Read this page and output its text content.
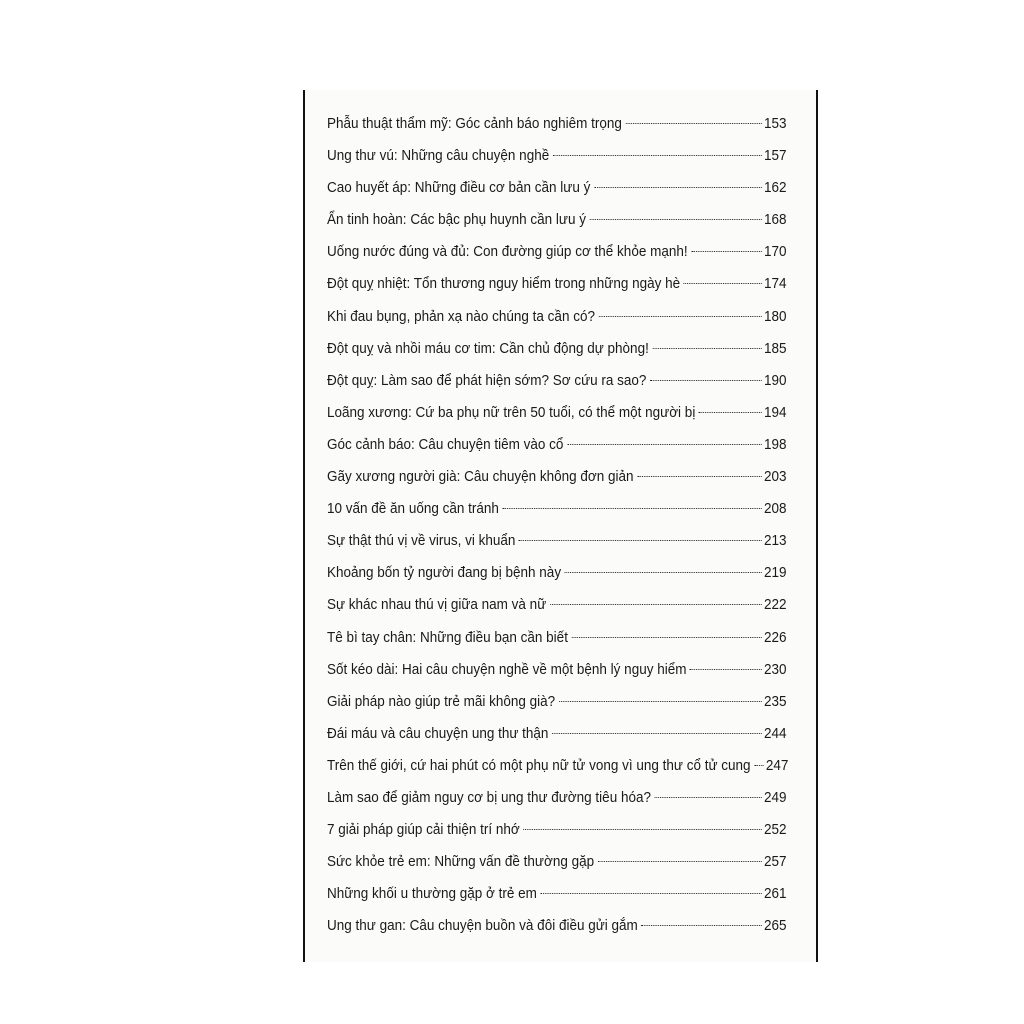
Phẫu thuật thẩm mỹ: Góc cảnh báo nghiêm trọng	153
Ung thư vú: Những câu chuyện nghề	157
Cao huyết áp: Những điều cơ bản cần lưu ý	162
Ẩn tinh hoàn: Các bậc phụ huynh cần lưu ý	168
Uống nước đúng và đủ: Con đường giúp cơ thể khỏe mạnh!	170
Đột quỵ nhiệt: Tổn thương nguy hiểm trong những ngày hè	174
Khi đau bụng, phản xạ nào chúng ta cần có?	180
Đột quỵ và nhồi máu cơ tim: Cần chủ động dự phòng!	185
Đột quỵ: Làm sao để phát hiện sớm? Sơ cứu ra sao?	190
Loãng xương: Cứ ba phụ nữ trên 50 tuổi, có thể một người bị	194
Góc cảnh báo: Câu chuyện tiêm vào cổ	198
Gãy xương người già: Câu chuyện không đơn giản	203
10 vấn đề ăn uống cần tránh	208
Sự thật thú vị về virus, vi khuẩn	213
Khoảng bốn tỷ người đang bị bệnh này	219
Sự khác nhau thú vị giữa nam và nữ	222
Tê bì tay chân: Những điều bạn cần biết	226
Sốt kéo dài: Hai câu chuyện nghề về một bệnh lý nguy hiểm	230
Giải pháp nào giúp trẻ mãi không già?	235
Đái máu và câu chuyện ung thư thận	244
Trên thế giới, cứ hai phút có một phụ nữ tử vong vì ung thư cổ tử cung 247
Làm sao để giảm nguy cơ bị ung thư đường tiêu hóa?	249
7 giải pháp giúp cải thiện trí nhớ	252
Sức khỏe trẻ em: Những vấn đề thường gặp	257
Những khối u thường gặp ở trẻ em	261
Ung thư gan: Câu chuyện buồn và đôi điều gửi gắm	265
